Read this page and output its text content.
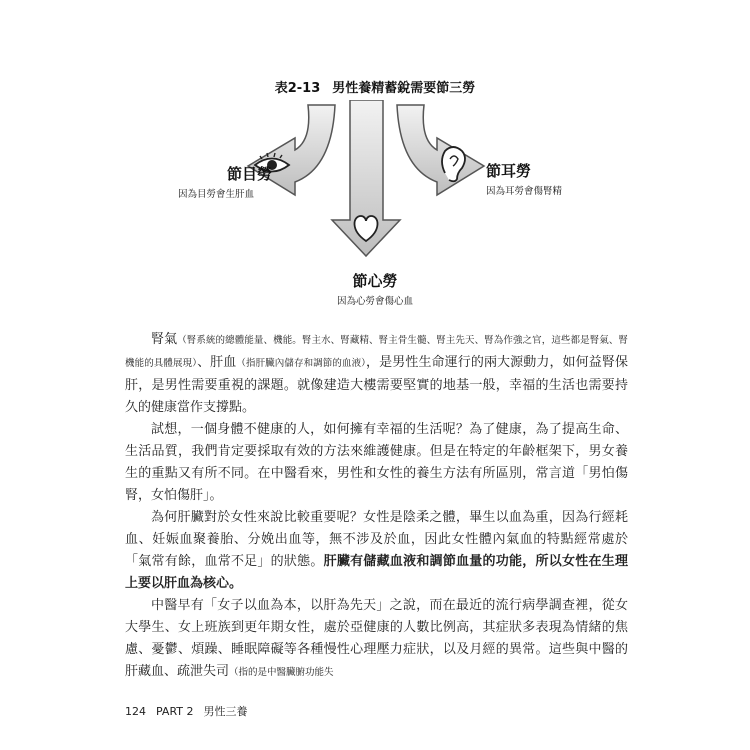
表2-13 男性養精蓄銳需要節三勞
節目勞
因為目勞會生肝血
節耳勞
因為耳勞會傷腎精
節心勞
因為心勞會傷心血

腎氣（腎系統的總體能量、機能。腎主水、腎藏精、腎主骨生髓、腎主先天、腎為作強之官，這些都是腎氣、腎機能的具體展現）、肝血（指肝臟內儲存和調節的血液），是男性生命運行的兩大源動力，如何益腎保肝，是男性需要重視的課題。就像建造大樓需要堅實的地基一般，幸福的生活也需要持久的健康當作支撐點。

試想，一個身體不健康的人，如何擁有幸福的生活呢？為了健康，為了提高生命、生活品質，我們肯定要採取有效的方法來維護健康。但是在特定的年齡框架下，男女養生的重點又有所不同。在中醫看來，男性和女性的養生方法有所區別，常言道「男怕傷腎，女怕傷肝」。

為何肝臟對於女性來說比較重要呢？女性是陰柔之體，畢生以血為重，因為行經耗血、妊娠血聚養胎、分娩出血等，無不涉及於血，因此女性體內氣血的特點經常處於「氣常有餘，血常不足」的狀態。肝臟有儲藏血液和調節血量的功能，所以女性在生理上要以肝血為核心。

中醫早有「女子以血為本，以肝為先天」之說，而在最近的流行病學調查裡，從女大學生、女上班族到更年期女性，處於亞健康的人數比例高，其症狀多表現為情緒的焦慮、憂鬱、煩躁、睡眠障礙等各種慢性心理壓力症狀，以及月經的異常。這些與中醫的肝藏血、疏泄失司（指的是中醫臟腑功能失

124 PART 2 男性三養
